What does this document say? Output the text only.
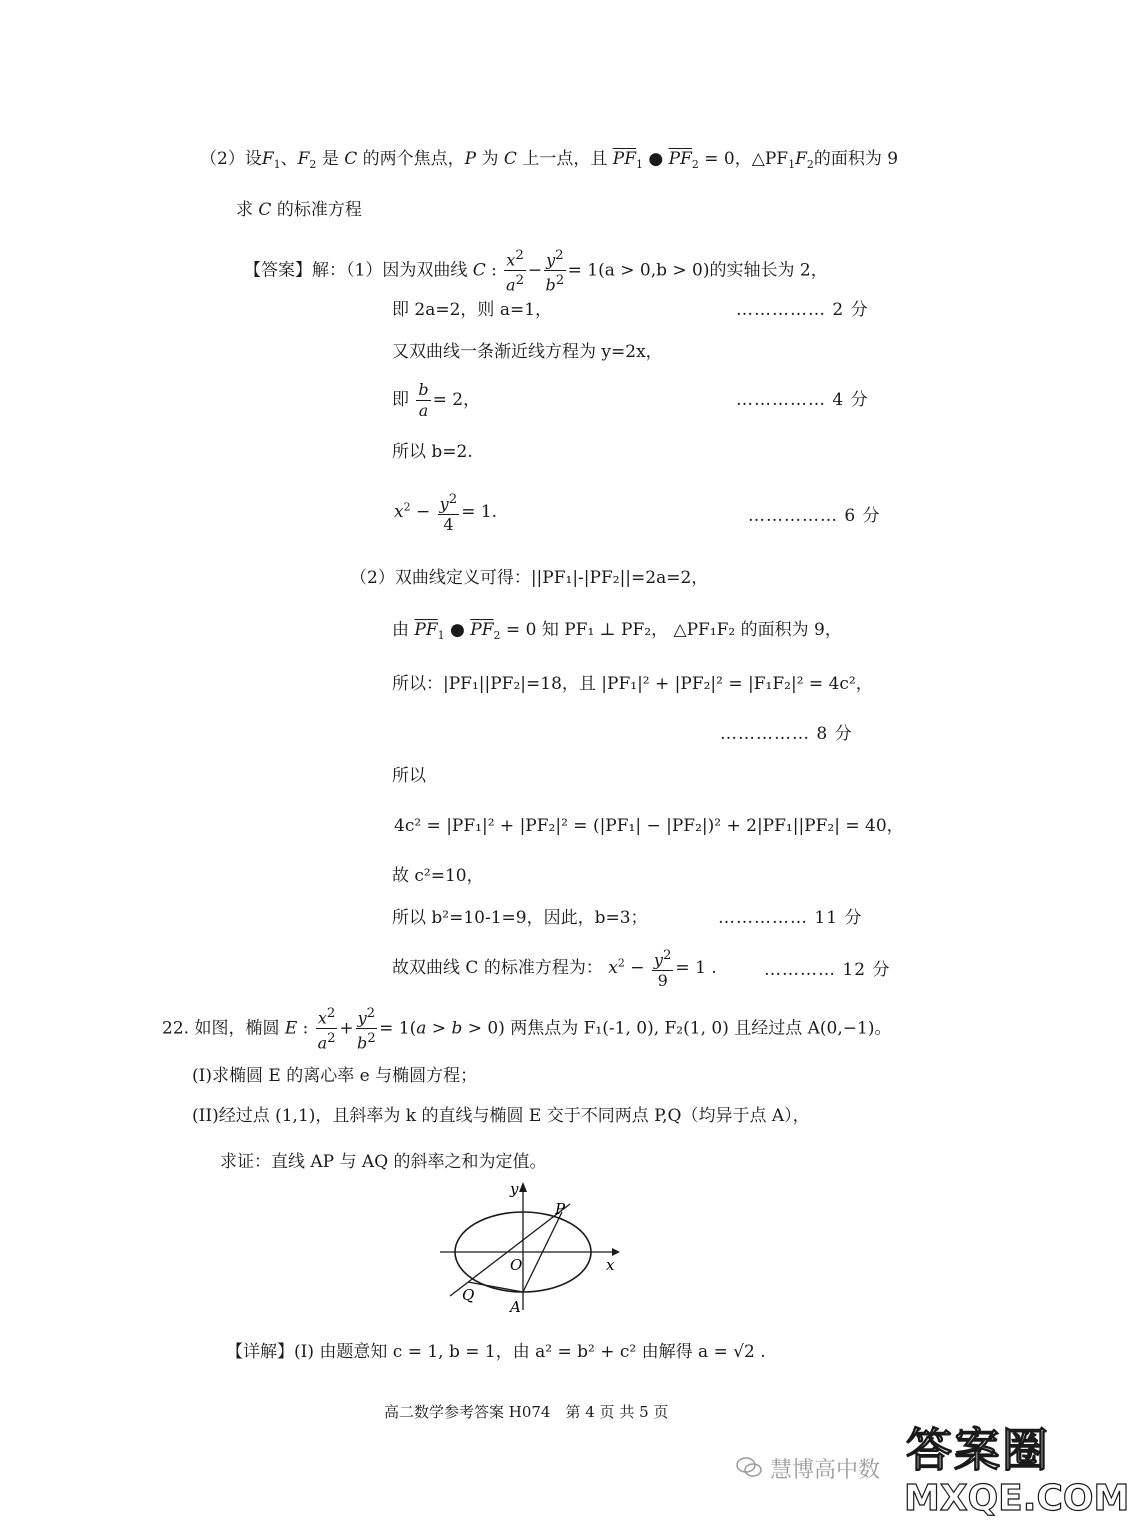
（2）设$F_1$、$F_2$ 是 C 的两个焦点，P 为 C 上一点，且 $\overline{PF}_1$ ● $\overline{PF}_2 = 0$，$\triangle PF_1F_2$的面积为 9
求 C 的标准方程
【答案】解：（1）因为双曲线 C : $\frac{x^2}{a^2} - \frac{y^2}{b^2} = 1(a > 0,b > 0)$的实轴长为 2，
即 2a=2，则 a=1，	…………… 2 分
又双曲线一条渐近线方程为 y=2x，
即 $\frac{b}{a} = 2$，	…………… 4 分
所以 b=2.
$x^2 - \frac{y^2}{4} = 1$.	…………… 6 分
（2）双曲线定义可得：||PF₁|-|PF₂||=2a=2，
由 $\overline{PF}_1$ ● $\overline{PF}_2 = 0$ 知 PF₁ ⊥ PF₂， △PF₁F₂ 的面积为 9，
所以：|PF₁||PF₂|=18，且 |PF₁|² + |PF₂|² = |F₁F₂|² = 4c²，
…………… 8 分
所以
4c² = |PF₁|² + |PF₂|² = (|PF₁| − |PF₂|)² + 2|PF₁||PF₂| = 40，
故 c²=10，
所以 b²=10-1=9，因此，b=3；	…………… 11 分
故双曲线 C 的标准方程为： $x^2 - \frac{y^2}{9} = 1$ .	………… 12 分
22. 如图，椭圆 E : $\frac{x^2}{a^2} + \frac{y^2}{b^2} = 1(a > b > 0)$ 两焦点为 F₁(-1, 0), F₂(1, 0) 且经过点 A(0,−1)。
(I)求椭圆 E 的离心率 e 与椭圆方程；
(II)经过点 (1,1)，且斜率为 k 的直线与椭圆 E 交于不同两点 P,Q（均异于点 A），
求证：直线 AP 与 AQ 的斜率之和为定值。
y
x
O
P
Q
A
【详解】(I) 由题意知 c = 1, b = 1，由 a² = b² + c² 由解得 a = √2 .
高二数学参考答案 H074　第 4 页 共 5 页
慧博高中数 答案圈
MXQE.COM
